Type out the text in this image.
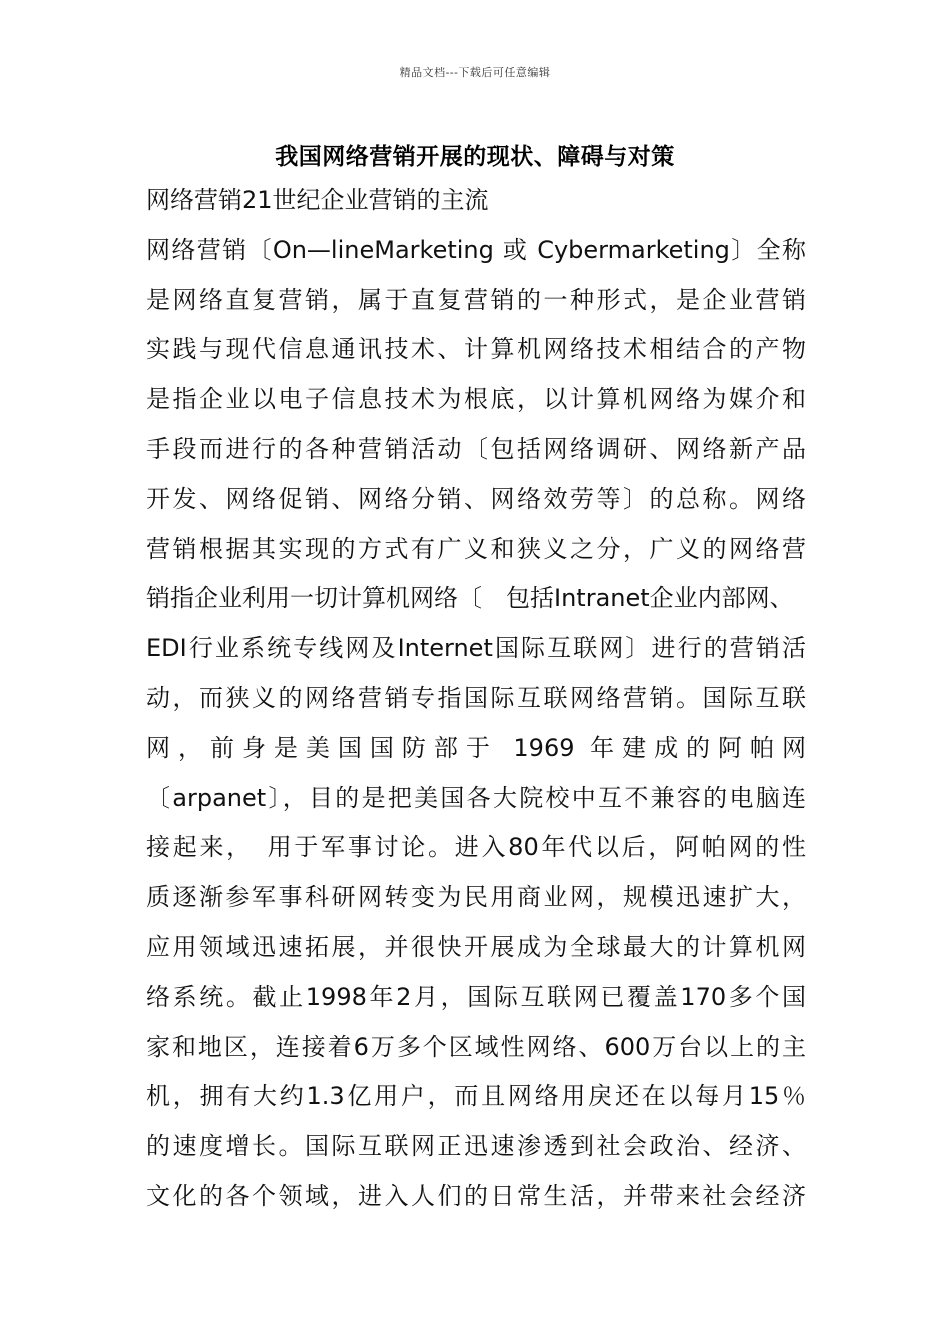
精品文档---下载后可任意编辑
我国网络营销开展的现状、障碍与对策
网络营销21世纪企业营销的主流
网络营销〔On—lineMarketing 或 Cybermarketing〕全称
是网络直复营销，属于直复营销的一种形式，是企业营销
实践与现代信息通讯技术、计算机网络技术相结合的产物
是指企业以电子信息技术为根底，以计算机网络为媒介和
手段而进行的各种营销活动〔包括网络调研、网络新产品
开发、网络促销、网络分销、网络效劳等〕的总称。网络
营销根据其实现的方式有广义和狭义之分，广义的网络营
销指企业利用一切计算机网络〔　包括Intranet企业内部网、
EDI行业系统专线网及Internet国际互联网〕进行的营销活
动，而狭义的网络营销专指国际互联网络营销。国际互联
网，前身是美国国防部于 1969 年建成的阿帕网
〔arpanet〕，目的是把美国各大院校中互不兼容的电脑连
接起来，　用于军事讨论。进入80年代以后，阿帕网的性
质逐渐参军事科研网转变为民用商业网，规模迅速扩大，
应用领域迅速拓展，并很快开展成为全球最大的计算机网
络系统。截止1998年2月，国际互联网已覆盖170多个国
家和地区，连接着6万多个区域性网络、600万台以上的主
机，拥有大约1.3亿用户，而且网络用戾还在以每月15％
的速度增长。国际互联网正迅速渗透到社会政治、经济、
文化的各个领域，进入人们的日常生活，并带来社会经济
